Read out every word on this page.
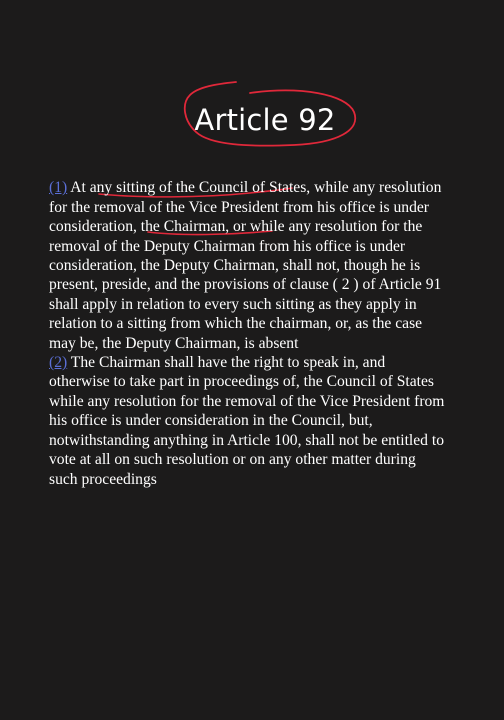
Article 92

(1) At any sitting of the Council of States, while any resolution
for the removal of the Vice President from his office is under
consideration, the Chairman, or while any resolution for the
removal of the Deputy Chairman from his office is under
consideration, the Deputy Chairman, shall not, though he is
present, preside, and the provisions of clause ( 2 ) of Article 91
shall apply in relation to every such sitting as they apply in
relation to a sitting from which the chairman, or, as the case
may be, the Deputy Chairman, is absent
(2) The Chairman shall have the right to speak in, and
otherwise to take part in proceedings of, the Council of States
while any resolution for the removal of the Vice President from
his office is under consideration in the Council, but,
notwithstanding anything in Article 100, shall not be entitled to
vote at all on such resolution or on any other matter during
such proceedings
